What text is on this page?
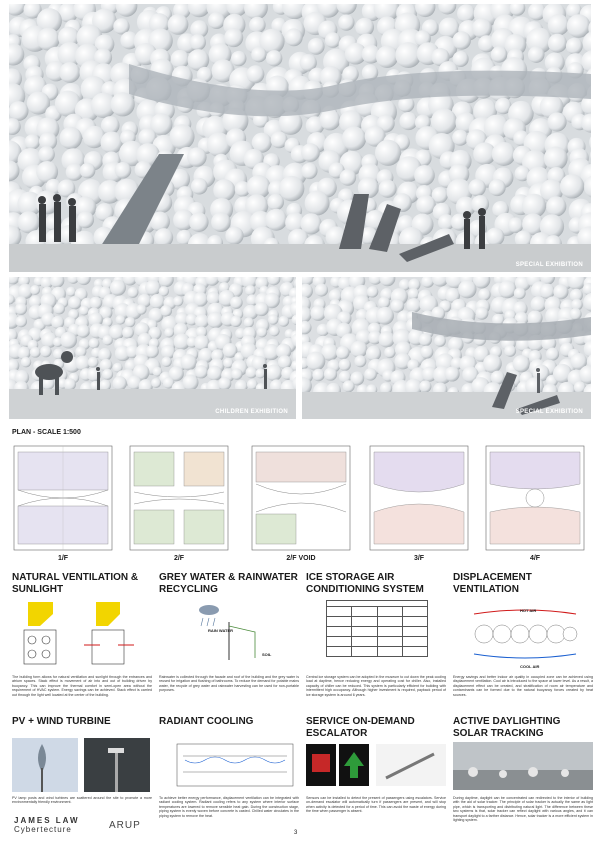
SPECIAL EXHIBITION
CHILDREN EXHIBITION	SPECIAL EXHIBITION
PLAN - SCALE 1:500
1/F	2/F	2/F VOID	3/F	4/F
NATURAL VENTILATION & SUNLIGHT
The building form allows for natural ventilation and sunlight through the entrances and atrium spaces. Stack effect is movement of air into and out of building driven by buoyancy. This can improve the thermal comfort in semi-open area without the requirement of HVAC system. Energy savings can be achieved. Stack effect is carried out through the light well located at the center of the building.
GREY WATER & RAINWATER RECYCLING
RAIN WATER
SOIL
Rainwater is collected through the facade and roof of the building and the grey water is reused for irrigation and flushing of bathrooms. To reduce the demand for potable mains water, the recycle of grey water and rainwater harvesting can be used for non-portable purposes.
ICE STORAGE AIR CONDITIONING SYSTEM

Central ice storage system can be adopted in the museum to cut down the peak cooling load at daytime, hence reducing energy and operating cost for chiller. Also, installed capacity of chiller can be reduced. This system is particularly efficient for building with intermittent high occupancy. Although higher investment is required, payback period of ice storage system is around 6 years.
DISPLACEMENT VENTILATION
HOT AIR
COOL AIR
Energy savings and better indoor air quality in occupied zone can be achieved using displacement ventilation. Cool air is introduced to the space at lower level. As a result, a displacement effect can be created, and stratification of room air temperature and contaminants can be formed due to the natural buoyancy forces created by heat sources.
PV + WIND TURBINE
PV lamp posts and wind turbines are scattered around the site to promote a more environmentally friendly environment.
RADIANT COOLING
To achieve better energy performance, displacement ventilation can be integrated with radiant cooling system. Radiant cooling refers to any system where interior surface temperatures are lowered to remove sensible heat gain. During the construction stage, piping system is evenly woven before concrete is casted. Chilled water circulates in the piping system to remove the heat.
SERVICE ON-DEMAND ESCALATOR
Sensors can be installed to detect the present of passengers using escalators. Service on-demand escalator will automatically turn if passengers are present, and will stop when activity is detected for a period of time. This can avoid the waste of energy during the time when passenger is absent.
ACTIVE DAYLIGHTING SOLAR TRACKING
During daytime, daylight can be concentrated can redirected to the interior of building with the aid of solar tracker. The principle of solar tracker is actually the same as light pipe, which is transporting and distributing natural light. The difference between these two systems is that, solar tracker can reflect daylight with various angles, and it can transport daylight to a farther distance. Hence, solar tracker is a more efficient system in lighting system.
JAMES LAW
Cybertecture	ARUP
3
